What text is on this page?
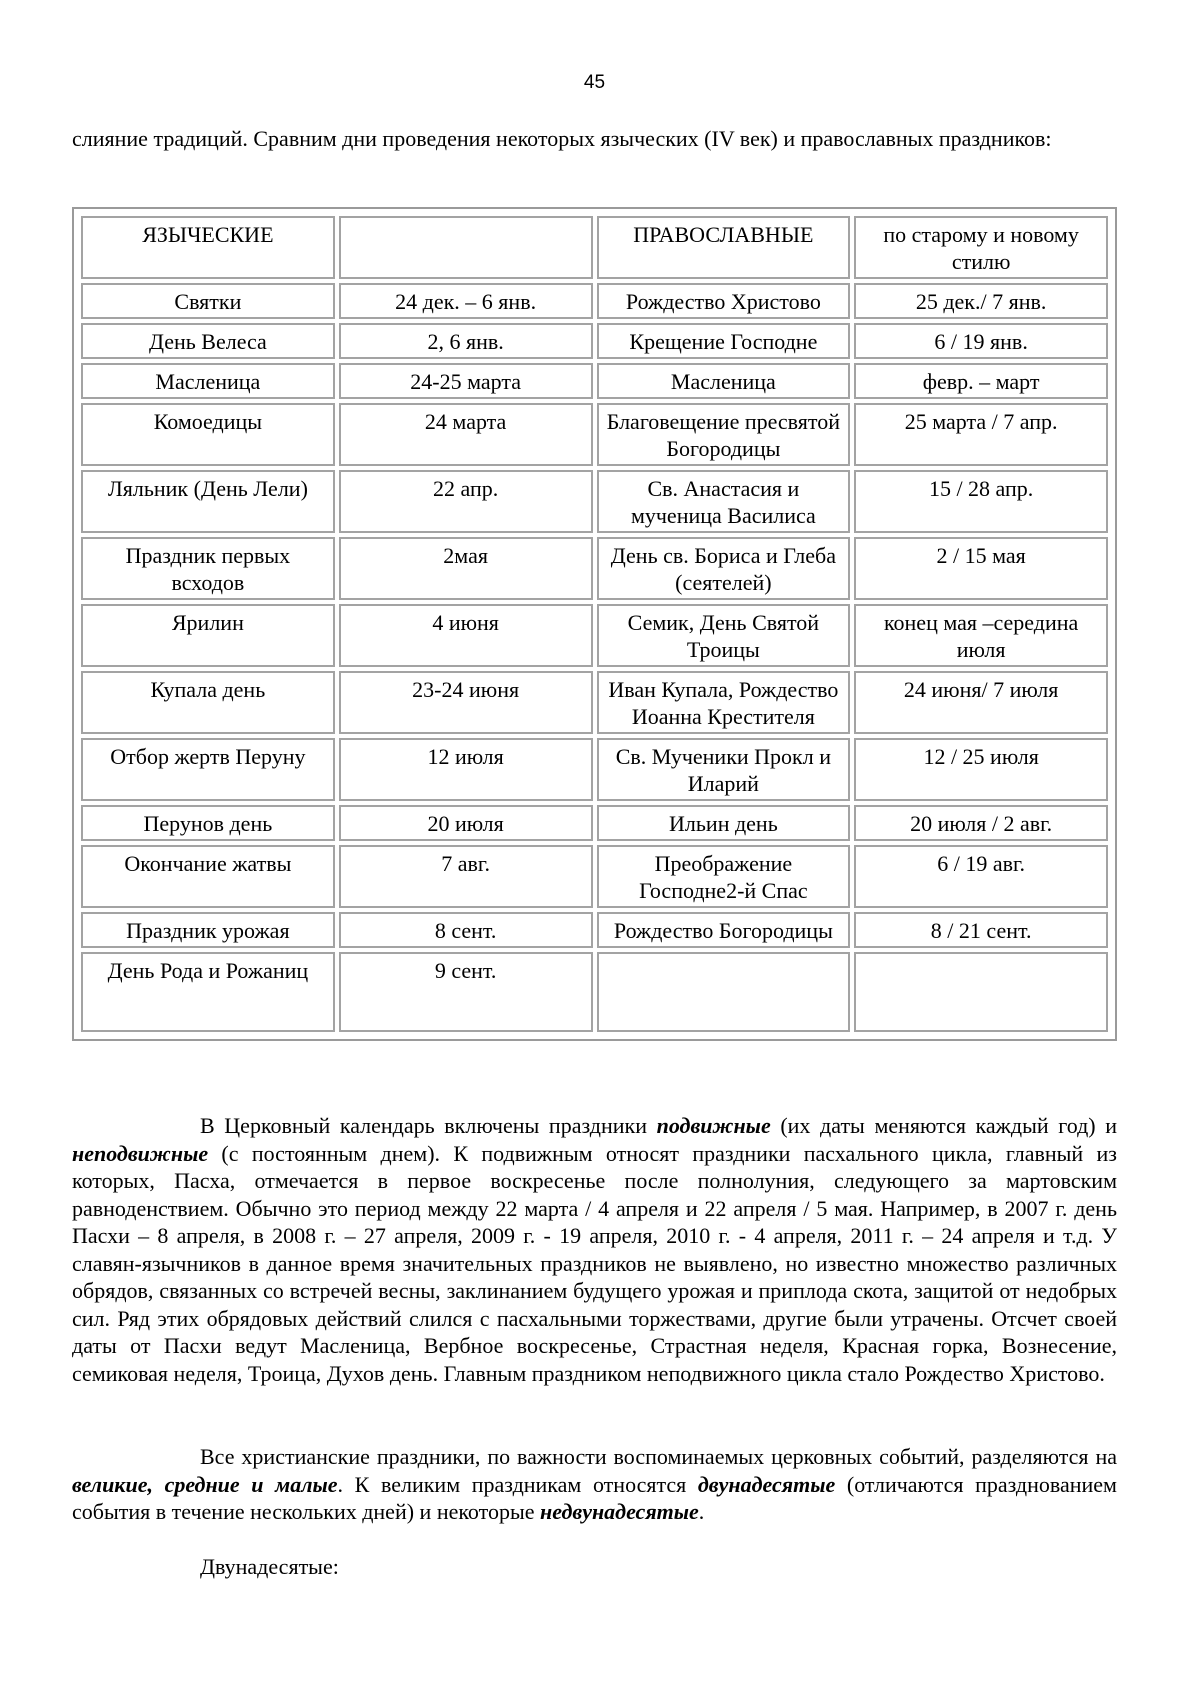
45

слияние традиций. Сравним дни проведения некоторых языческих (IV век) и православных праздников:

ЯЗЫЧЕСКИЕ		ПРАВОСЛАВНЫЕ	по старому и новому стилю
Святки	24 дек. – 6 янв.	Рождество Христово	25 дек./ 7 янв.
День Велеса	2, 6 янв.	Крещение Господне	6 / 19 янв.
Масленица	24-25 марта	Масленица	февр. – март
Комоедицы	24 марта	Благовещение пресвятой Богородицы	25 марта / 7 апр.
Ляльник (День Лели)	22 апр.	Св. Анастасия и мученица Василиса	15 / 28 апр.
Праздник первых всходов	2мая	День св. Бориса и Глеба (сеятелей)	2 / 15 мая
Ярилин	4 июня	Семик, День Святой Троицы	конец мая –середина июля
Купала день	23-24 июня	Иван Купала, Рождество Иоанна Крестителя	24 июня/ 7 июля
Отбор жертв Перуну	12 июля	Св. Мученики Прокл и Иларий	12 / 25 июля
Перунов день	20 июля	Ильин день	20 июля / 2 авг.
Окончание жатвы	7 авг.	Преображение Господне2-й Спас	6 / 19 авг.
Праздник урожая	8 сент.	Рождество Богородицы	8 / 21 сент.
День Рода и Рожаниц	9 сент.		

В Церковный календарь включены праздники подвижные (их даты меняются каждый год) и неподвижные (с постоянным днем). К подвижным относят праздники пасхального цикла, главный из которых, Пасха, отмечается в первое воскресенье после полнолуния, следующего за мартовским равноденствием. Обычно это период между 22 марта / 4 апреля и 22 апреля / 5 мая. Например, в 2007 г. день Пасхи – 8 апреля, в 2008 г. – 27 апреля, 2009 г. - 19 апреля, 2010 г. - 4 апреля, 2011 г. – 24 апреля и т.д. У славян-язычников в данное время значительных праздников не выявлено, но известно множество различных обрядов, связанных со встречей весны, заклинанием будущего урожая и приплода скота, защитой от недобрых сил. Ряд этих обрядовых действий слился с пасхальными торжествами, другие были утрачены. Отсчет своей даты от Пасхи ведут Масленица, Вербное воскресенье, Страстная неделя, Красная горка, Вознесение, семиковая неделя, Троица, Духов день. Главным праздником неподвижного цикла стало Рождество Христово.

Все христианские праздники, по важности воспоминаемых церковных событий, разделяются на великие, средние и малые. К великим праздникам относятся двунадесятые (отличаются празднованием события в течение нескольких дней) и некоторые недвунадесятые.

Двунадесятые:
